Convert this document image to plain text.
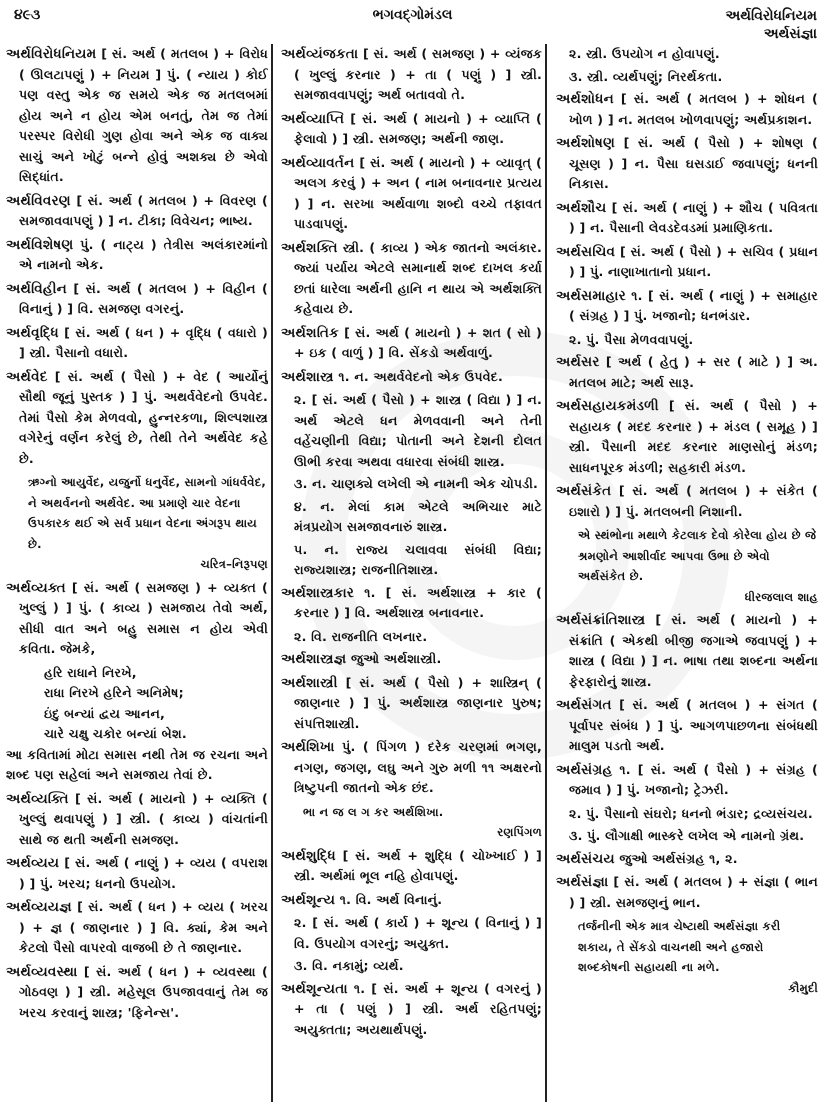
૪૯૩	ભગવદ્ગોમંડલ	અર્થવિરોધનિયમ
અર્થસંજ્ઞા
અર્થવિરોધનિયમ [ સં. અર્થ ( મતલબ ) + વિરોધ ( ઊલટાપણું ) + નિયમ ] પું. ( ન્યાય ) કોઈ પણ વસ્તુ એક જ સમયે એક જ મતલબમાં હોય અને ન હોય એમ બનતું, તેમ જ તેમાં પરસ્પર વિરોધી ગુણ હોવા અને એક જ વાક્ય સાચું અને ખોટું બન્ને હોવું અશક્ય છે એવો સિદ્ધાંત.
અર્થવિવરણ [ સં. અર્થ ( મતલબ ) + વિવરણ ( સમજાવવાપણું ) ] ન. ટીકા; વિવેચન; ભાષ્ય.
અર્થવિશેષણ પું. ( નાટ્ય ) તેત્રીસ અલંકારમાંનો એ નામનો એક.
અર્થવિહીન [ સં. અર્થ ( મતલબ ) + વિહીન ( વિનાનું ) ] વિ. સમજણ વગરનું.
અર્થવૃદ્ધિ [ સં. અર્થ ( ધન ) + વૃદ્ધિ ( વધારો ) ] સ્ત્રી. પૈસાનો વધારો.
અર્થવેદ [ સં. અર્થ ( પૈસો ) + વેદ ( આર્યોનું સૌથી જૂનું પુસ્તક ) ] પું. અથર્વવેદનો ઉપવેદ. તેમાં પૈસો કેમ મેળવવો, હુન્નરકળા, શિલ્પશાસ્ત્ર વગેરેનું વર્ણન કરેલું છે, તેથી તેને અર્થવેદ કહે છે.
ઋગ્નો આયુર્વેદ, યજુર્નો ધનુર્વેદ, સામનો ગાંધર્વવેદ, ને અથર્વનનો અર્થવેદ. આ પ્રમાણે ચાર વેદના ઉપકારક થઈ એ સર્વ પ્રધાન વેદના અંગરૂપ થાય છે.
ચરિત્ર–નિરૂપણ
અર્થવ્યક્ત [ સં. અર્થ ( સમજણ ) + વ્યક્ત ( ખુલ્લું ) ] પું. ( કાવ્ય ) સમજાય તેવો અર્થ, સીધી વાત અને બહુ સમાસ ન હોય એવી કવિતા. જેમકે,
હરિ રાધાને નિરખે,
રાધા નિરખે હરિને અનિમેષ;
ઇંદુ બન્યાં દ્વય આનન,
ચારે ચક્ષુ ચકોર બન્યાં બેશ.
આ કવિતામાં મોટા સમાસ નથી તેમ જ રચના અને શબ્દ પણ સહેલાં અને સમજાય તેવાં છે.
અર્થવ્યક્તિ [ સં. અર્થ ( માયનો ) + વ્યક્તિ ( ખુલ્લું થવાપણું ) ] સ્ત્રી. ( કાવ્ય ) વાંચતાંની સાથે જ થતી અર્થની સમજણ.
અર્થવ્યય [ સં. અર્થ ( નાણું ) + વ્યય ( વપરાશ ) ] પું. ખરચ; ધનનો ઉપયોગ.
અર્થવ્યયજ્ઞ [ સં. અર્થ ( ધન ) + વ્યય ( ખરચ ) + જ્ઞ ( જાણનાર ) ] વિ. ક્યાં, કેમ અને કેટલો પૈસો વાપરવો વાજબી છે તે જાણનાર.
અર્થવ્યવસ્થા [ સં. અર્થ ( ધન ) + વ્યવસ્થા ( ગોઠવણ ) ] સ્ત્રી. મહેસૂલ ઉપજાવવાનું તેમ જ ખરચ કરવાનું શાસ્ત્ર; 'ફિનેન્સ'.
અર્થવ્યંજકતા [ સં. અર્થ ( સમજણ ) + વ્યંજક ( ખુલ્લું કરનાર ) + તા ( પણું ) ] સ્ત્રી. સમજાવવાપણું; અર્થ બતાવવો તે.
અર્થવ્યાપ્તિ [ સં. અર્થ ( માયનો ) + વ્યાપ્તિ ( ફેલાવો ) ] સ્ત્રી. સમજણ; અર્થની જાણ.
અર્થવ્યાવર્તન [ સં. અર્થ ( માયનો ) + વ્યાવૃત્ ( અલગ કરવું ) + અન ( નામ બનાવનાર પ્રત્યય ) ] ન. સરખા અર્થવાળા શબ્દો વચ્ચે તફાવત પાડવાપણું.
અર્થશક્તિ સ્ત્રી. ( કાવ્ય ) એક જાતનો અલંકાર. જ્યાં પર્યાય એટલે સમાનાર્થ શબ્દ દાખલ કર્યા છતાં ધારેલા અર્થની હાનિ ન થાય એ અર્થશક્તિ કહેવાય છે.
અર્થશતિક [ સં. અર્થ ( માયનો ) + શત ( સો ) + ઇક ( વાળું ) ] વિ. સેંકડો અર્થવાળું.
અર્થશાસ્ત્ર ૧. ન. અથર્વવેદનો એક ઉપવેદ.
૨. [ સં. અર્થ ( પૈસો ) + શાસ્ત્ર ( વિદ્યા ) ] ન. અર્થ એટલે ધન મેળવવાની અને તેની વહેંચણીની વિદ્યા; પોતાની અને દેશની દોલત ઊભી કરવા અથવા વધારવા સંબંધી શાસ્ત્ર.
૩. ન. ચાણક્યે લખેલી એ નામની એક ચોપડી.
૪. ન. મેલાં કામ એટલે અભિચાર માટે મંત્રપ્રયોગ સમજાવનારું શાસ્ત્ર.
૫. ન. રાજ્ય ચલાવવા સંબંધી વિદ્યા; રાજ્યશાસ્ત્ર; રાજનીતિશાસ્ત્ર.
અર્થશાસ્ત્રકાર ૧. [ સં. અર્થશાસ્ત્ર + કાર ( કરનાર ) ] વિ. અર્થશાસ્ત્ર બનાવનાર.
૨. વિ. રાજનીતિ લખનાર.
અર્થશાસ્ત્રજ્ઞ જુઓ અર્થશાસ્ત્રી.
અર્થશાસ્ત્રી [ સં. અર્થ ( પૈસો ) + શાસ્ત્રિન્ ( જાણનાર ) ] પું. અર્થશાસ્ત્ર જાણનાર પુરુષ; સંપત્તિશાસ્ત્રી.
અર્થશિખા પું. ( પિંગળ ) દરેક ચરણમાં ભગણ, નગણ, જગણ, લઘુ અને ગુરુ મળી ૧૧ અક્ષરનો ત્રિષ્ટુપની જાતનો એક છંદ.
ભા ન જ લ ગ કર અર્થશિખા.
રણપિંગળ
અર્થશુદ્ધિ [ સં. અર્થ + શુદ્ધિ ( ચોખ્ખાઈ ) ] સ્ત્રી. અર્થમાં ભૂલ નહિ હોવાપણું.
અર્થશૂન્ય ૧. વિ. અર્થ વિનાનું.
૨. [ સં. અર્થ ( કાર્ય ) + શૂન્ય ( વિનાનું ) ] વિ. ઉપયોગ વગરનું; અયુક્ત.
૩. વિ. નકામું; વ્યર્થ.
અર્થશૂન્યતા ૧. [ સં. અર્થ + શૂન્ય ( વગરનું ) + તા ( પણું ) ] સ્ત્રી. અર્થ રહિતપણું; અયુક્તતા; અયથાર્થપણું.
૨. સ્ત્રી. ઉપયોગ ન હોવાપણું.
૩. સ્ત્રી. વ્યર્થપણું; નિરર્થકતા.
અર્થશોધન [ સં. અર્થ ( મતલબ ) + શોધન ( ખોળ ) ] ન. મતલબ ખોળવાપણું; અર્થપ્રકાશન.
અર્થશોષણ [ સં. અર્થ ( પૈસો ) + શોષણ ( ચૂસણ ) ] ન. પૈસા ઘસડાઈ જવાપણું; ધનની નિકાસ.
અર્થશૌચ [ સં. અર્થ ( નાણું ) + શૌચ ( પવિત્રતા ) ] ન. પૈસાની લેવડદેવડમાં પ્રમાણિકતા.
અર્થસચિવ [ સં. અર્થ ( પૈસો ) + સચિવ ( પ્રધાન ) ] પું. નાણાખાતાનો પ્રધાન.
અર્થસમાહાર ૧. [ સં. અર્થ ( નાણું ) + સમાહાર ( સંગ્રહ ) ] પું. ખજાનો; ધનભંડાર.
૨. પું. પૈસા મેળવવાપણું.
અર્થસર [ અર્થ ( હેતુ ) + સર ( માટે ) ] અ. મતલબ માટે; અર્થ સારૂ.
અર્થસહાયકમંડળી [ સં. અર્થ ( પૈસો ) + સહાયક ( મદદ કરનાર ) + મંડલ ( સમૂહ ) ] સ્ત્રી. પૈસાની મદદ કરનાર માણસોનું મંડળ; સાધનપૂરક મંડળી; સહકારી મંડળ.
અર્થસંકેત [ સં. અર્થ ( મતલબ ) + સંકેત ( ઇશારો ) ] પું. મતલબની નિશાની.
એ સ્થંભોના મથાળે કેટલાક દેવો કોરેલા હોય છે જે શ્રમણોને આશીર્વાદ આપવા ઉભા છે એવો અર્થસંકેત છે.
ધીરજલાલ શાહ
અર્થસંક્રાંતિશાસ્ત્ર [ સં. અર્થ ( માયનો ) + સંક્રાંતિ ( એકથી બીજી જગાએ જવાપણું ) + શાસ્ત્ર ( વિદ્યા ) ] ન. ભાષા તથા શબ્દના અર્થના ફેરફારોનું શાસ્ત્ર.
અર્થસંગત [ સં. અર્થ ( મતલબ ) + સંગત ( પૂર્વાપર સંબંધ ) ] પું. આગળપાછળના સંબંધથી માલુમ પડતો અર્થ.
અર્થસંગ્રહ ૧. [ સં. અર્થ ( પૈસો ) + સંગ્રહ ( જમાવ ) ] પું. ખજાનો; ટ્રેઝરી.
૨. પું. પૈસાનો સંઘરો; ધનનો ભંડાર; દ્રવ્યસંચય.
૩. પું. લૌગાક્ષી ભાસ્કરે લખેલ એ નામનો ગ્રંથ.
અર્થસંચય જુઓ અર્થસંગ્રહ ૧, ૨.
અર્થસંજ્ઞા [ સં. અર્થ ( મતલબ ) + સંજ્ઞા ( ભાન ) ] સ્ત્રી. સમજણનું ભાન.
તર્જનીની એક માત્ર ચેષ્ટાથી અર્થસંજ્ઞા કરી શકાય, તે સેંકડો વાચનથી અને હજારો શબ્દકોષની સહાયથી ના મળે.
કૌમુદી
